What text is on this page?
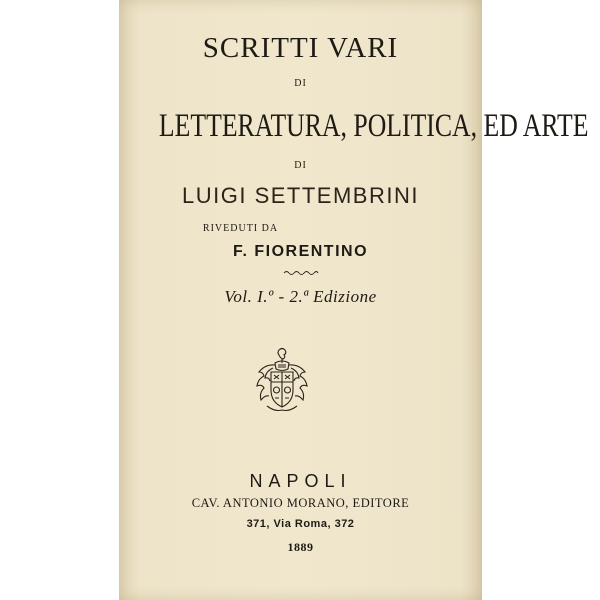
SCRITTI VARI
DI
LETTERATURA, POLITICA, ED ARTE
DI
LUIGI SETTEMBRINI
RIVEDUTI DA
F. FIORENTINO
Vol. I.º - 2.ª Edizione
NAPOLI
CAV. ANTONIO MORANO, EDITORE
371, Via Roma, 372
1889
